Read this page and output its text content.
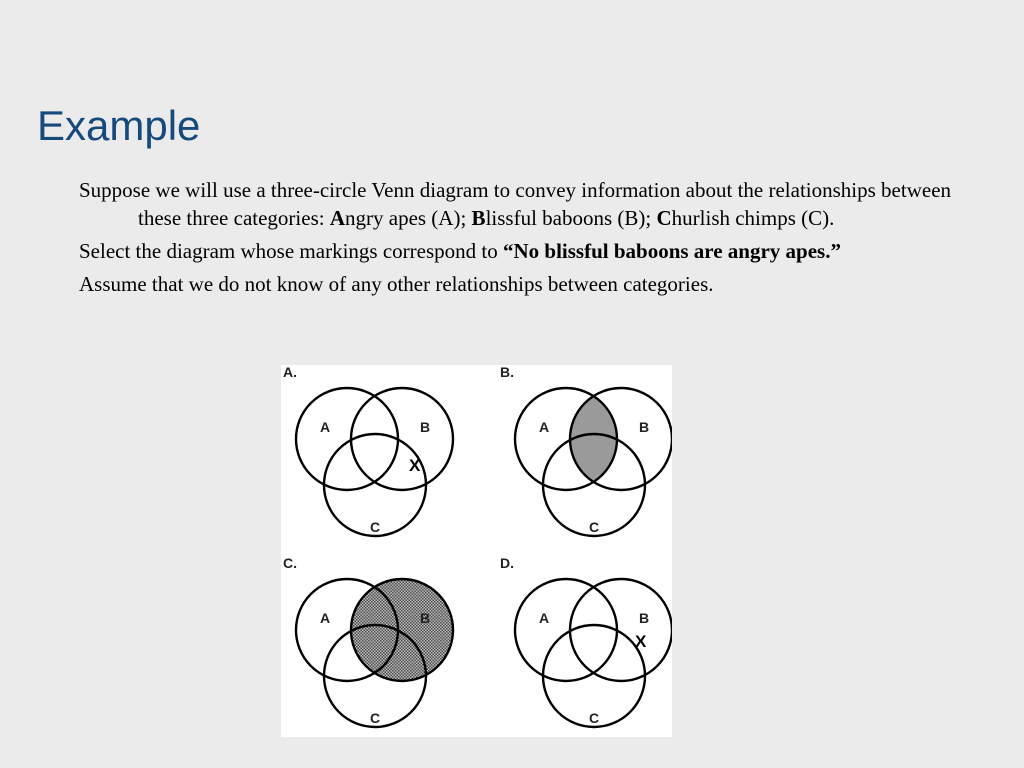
Example

Suppose we will use a three-circle Venn diagram to convey information about the relationships between these three categories: Angry apes (A); Blissful baboons (B); Churlish chimps (C).

Select the diagram whose markings correspond to “No blissful baboons are angry apes.”

Assume that we do not know of any other relationships between categories.

A.
A	B
C
X
B.
A	B
C
C.
A	B
C
D.
A	B
C
X
